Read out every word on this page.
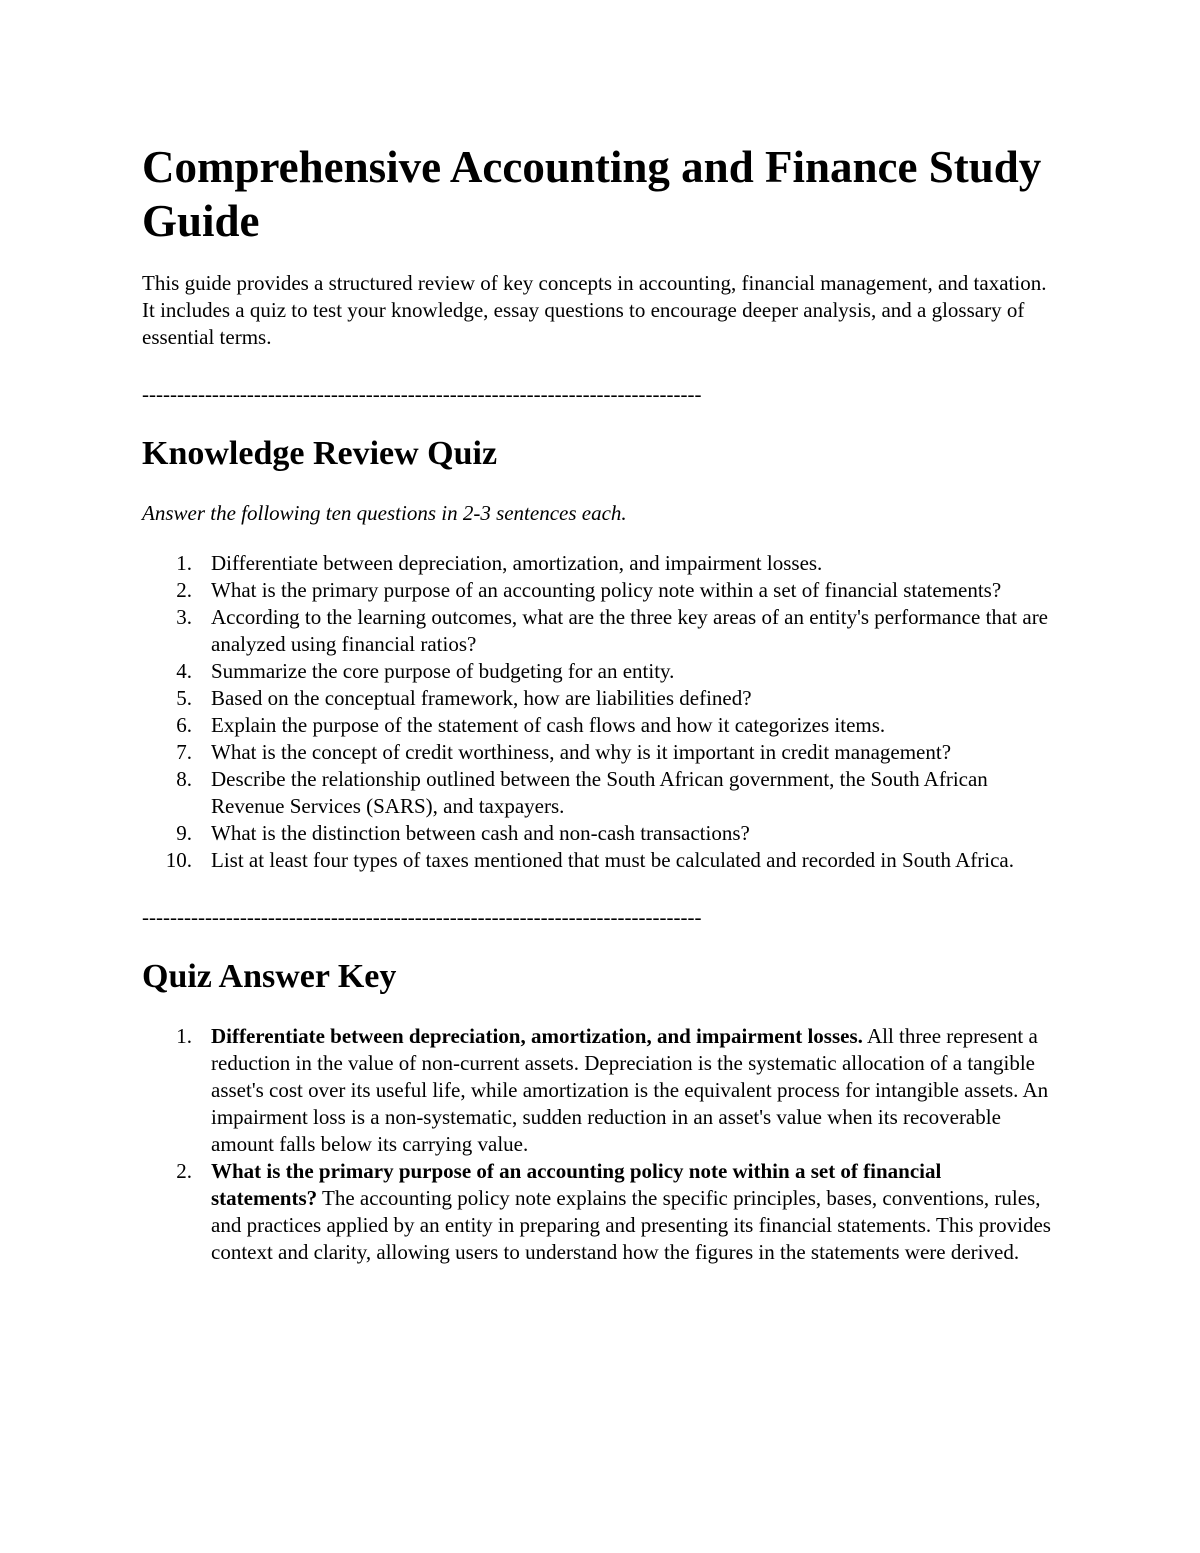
Comprehensive Accounting and Finance Study Guide

This guide provides a structured review of key concepts in accounting, financial management, and taxation. It includes a quiz to test your knowledge, essay questions to encourage deeper analysis, and a glossary of essential terms.

--------------------------------------------------------------------------------
Knowledge Review Quiz

Answer the following ten questions in 2-3 sentences each.

1. Differentiate between depreciation, amortization, and impairment losses.
2. What is the primary purpose of an accounting policy note within a set of financial statements?
3. According to the learning outcomes, what are the three key areas of an entity's performance that are analyzed using financial ratios?
4. Summarize the core purpose of budgeting for an entity.
5. Based on the conceptual framework, how are liabilities defined?
6. Explain the purpose of the statement of cash flows and how it categorizes items.
7. What is the concept of credit worthiness, and why is it important in credit management?
8. Describe the relationship outlined between the South African government, the South African Revenue Services (SARS), and taxpayers.
9. What is the distinction between cash and non-cash transactions?
10. List at least four types of taxes mentioned that must be calculated and recorded in South Africa.
--------------------------------------------------------------------------------
Quiz Answer Key
1. Differentiate between depreciation, amortization, and impairment losses. All three represent a reduction in the value of non-current assets. Depreciation is the systematic allocation of a tangible asset's cost over its useful life, while amortization is the equivalent process for intangible assets. An impairment loss is a non-systematic, sudden reduction in an asset's value when its recoverable amount falls below its carrying value.
2. What is the primary purpose of an accounting policy note within a set of financial statements? The accounting policy note explains the specific principles, bases, conventions, rules, and practices applied by an entity in preparing and presenting its financial statements. This provides context and clarity, allowing users to understand how the figures in the statements were derived.
